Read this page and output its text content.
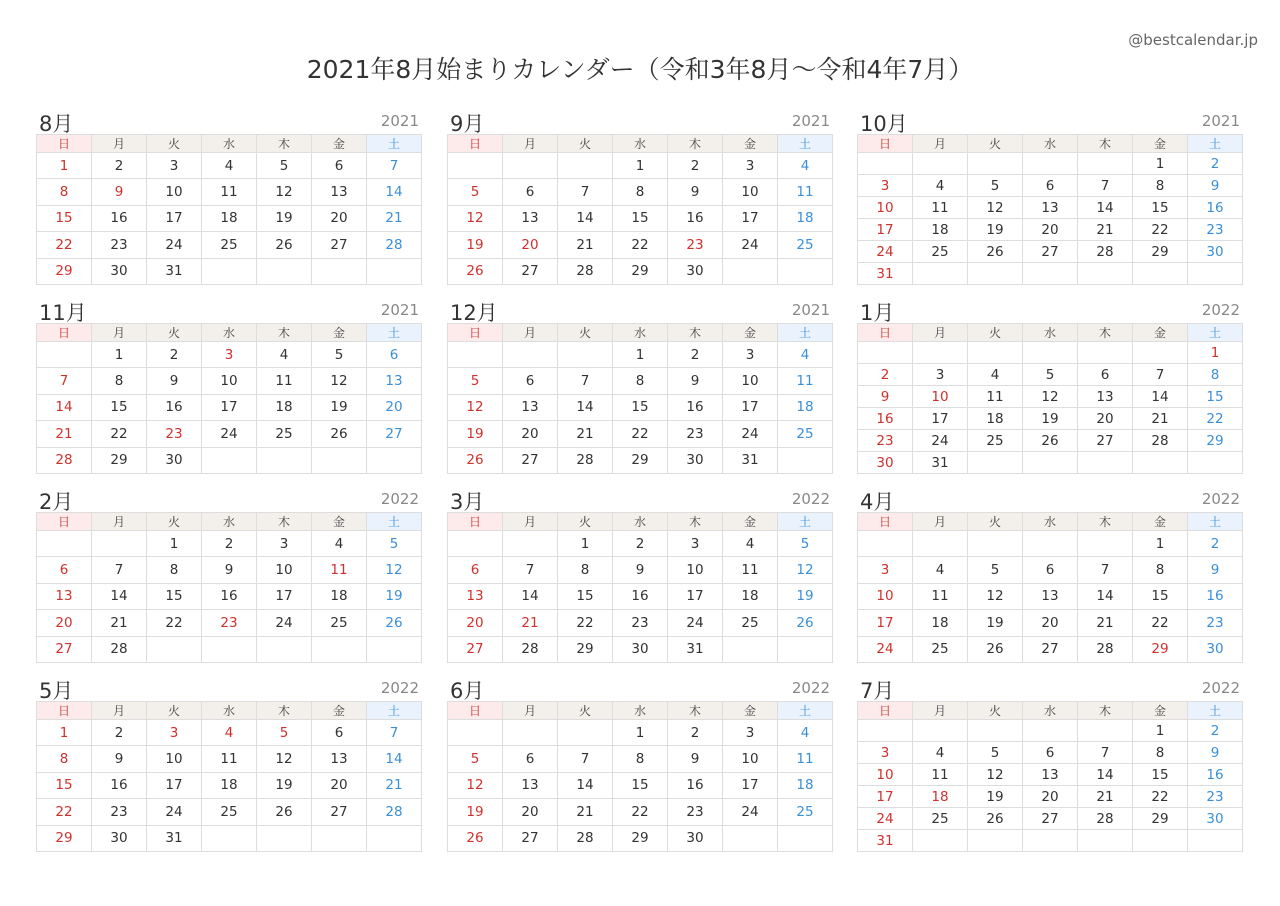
@bestcalendar.jp
2021年8月始まりカレンダー（令和3年8月〜令和4年7月）
8月	2021
日	月	火	水	木	金	土
1	2	3	4	5	6	7
8	9	10	11	12	13	14
15	16	17	18	19	20	21
22	23	24	25	26	27	28
29	30	31				
9月	2021
日	月	火	水	木	金	土
			1	2	3	4
5	6	7	8	9	10	11
12	13	14	15	16	17	18
19	20	21	22	23	24	25
26	27	28	29	30		
10月	2021
日	月	火	水	木	金	土
					1	2
3	4	5	6	7	8	9
10	11	12	13	14	15	16
17	18	19	20	21	22	23
24	25	26	27	28	29	30
31						
11月	2021
日	月	火	水	木	金	土
	1	2	3	4	5	6
7	8	9	10	11	12	13
14	15	16	17	18	19	20
21	22	23	24	25	26	27
28	29	30				
12月	2021
日	月	火	水	木	金	土
			1	2	3	4
5	6	7	8	9	10	11
12	13	14	15	16	17	18
19	20	21	22	23	24	25
26	27	28	29	30	31	
1月	2022
日	月	火	水	木	金	土
						1
2	3	4	5	6	7	8
9	10	11	12	13	14	15
16	17	18	19	20	21	22
23	24	25	26	27	28	29
30	31					
2月	2022
日	月	火	水	木	金	土
		1	2	3	4	5
6	7	8	9	10	11	12
13	14	15	16	17	18	19
20	21	22	23	24	25	26
27	28					
3月	2022
日	月	火	水	木	金	土
		1	2	3	4	5
6	7	8	9	10	11	12
13	14	15	16	17	18	19
20	21	22	23	24	25	26
27	28	29	30	31		
4月	2022
日	月	火	水	木	金	土
					1	2
3	4	5	6	7	8	9
10	11	12	13	14	15	16
17	18	19	20	21	22	23
24	25	26	27	28	29	30
5月	2022
日	月	火	水	木	金	土
1	2	3	4	5	6	7
8	9	10	11	12	13	14
15	16	17	18	19	20	21
22	23	24	25	26	27	28
29	30	31				
6月	2022
日	月	火	水	木	金	土
			1	2	3	4
5	6	7	8	9	10	11
12	13	14	15	16	17	18
19	20	21	22	23	24	25
26	27	28	29	30		
7月	2022
日	月	火	水	木	金	土
					1	2
3	4	5	6	7	8	9
10	11	12	13	14	15	16
17	18	19	20	21	22	23
24	25	26	27	28	29	30
31						
